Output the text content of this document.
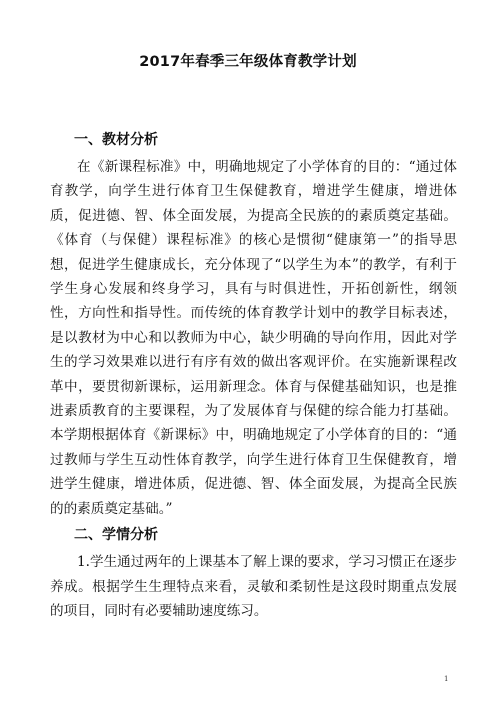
2017年春季三年级体育教学计划
一、教材分析

在《新课程标准》中，明确地规定了小学体育的目的：“通过体育教学，向学生进行体育卫生保健教育，增进学生健康，增进体质，促进德、智、体全面发展，为提高全民族的的素质奠定基础。《体育（与保健）课程标准》的核心是惯彻“健康第一”的指导思想，促进学生健康成长，充分体现了“以学生为本”的教学，有利于学生身心发展和终身学习，具有与时俱进性，开拓创新性，纲领性，方向性和指导性。而传统的体育教学计划中的教学目标表述，是以教材为中心和以教师为中心，缺少明确的导向作用，因此对学生的学习效果难以进行有序有效的做出客观评价。在实施新课程改革中，要贯彻新课标，运用新理念。体育与保健基础知识，也是推进素质教育的主要课程，为了发展体育与保健的综合能力打基础。本学期根据体育《新课标》中，明确地规定了小学体育的目的：“通过教师与学生互动性体育教学，向学生进行体育卫生保健教育，增进学生健康，增进体质，促进德、智、体全面发展，为提高全民族的的素质奠定基础。”

二、学情分析

1.学生通过两年的上课基本了解上课的要求，学习习惯正在逐步养成。根据学生生理特点来看，灵敏和柔韧性是这段时期重点发展的项目，同时有必要辅助速度练习。

1
